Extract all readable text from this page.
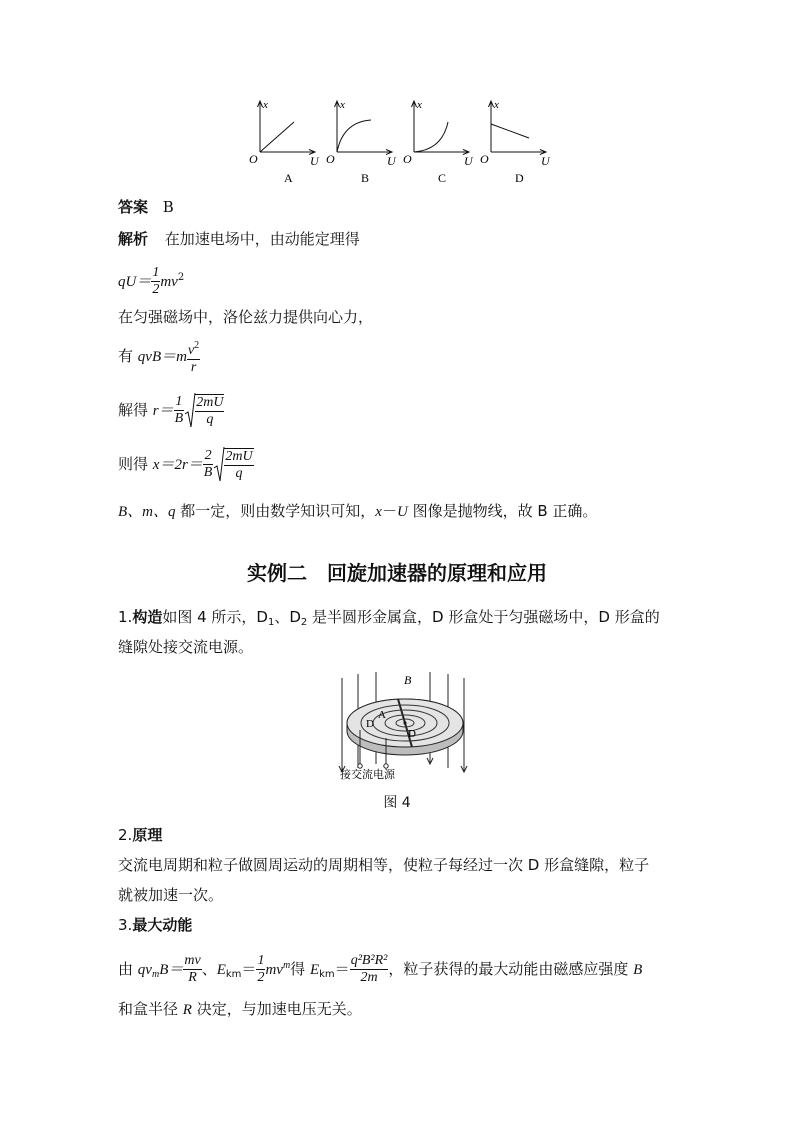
x
O	U
A
x
O	U
B
x
O	U
C
x
O	U
D
答案 B
解析 在加速电场中，由动能定理得
$qU= \frac{1}{2} mv^2$
在匀强磁场中，洛伦兹力提供向心力，
有 $qvB=m \frac{v^2}{r}$
解得 $r= \frac{1}{B} \frac{2mU}{q}$
则得 $x=2r= \frac{2}{B} \frac{2mU}{q}$
B、m、q 都一定，则由数学知识可知，x－U 图像是抛物线，故 B 正确。
实例二　回旋加速器的原理和应用
1.构造如图 4 所示，$D_1$、$D_2$ 是半圆形金属盒，D 形盒处于匀强磁场中，D 形盒的
缝隙处接交流电源。
B
A
D
D
接交流电源
图 4
2.原理
交流电周期和粒子做圆周运动的周期相等，使粒子每经过一次 D 形盒缝隙，粒子
就被加速一次。
3.最大动能
由 $qv_mB= \frac{mv}{R}$ 、$E_{km}= \frac{1}{2} mv^m$得 $E_{km}= \frac{\text{q²B²R²}}{2m}$ ，粒子获得的最大动能由磁感应强度 B
和盒半径 R 决定，与加速电压无关。
